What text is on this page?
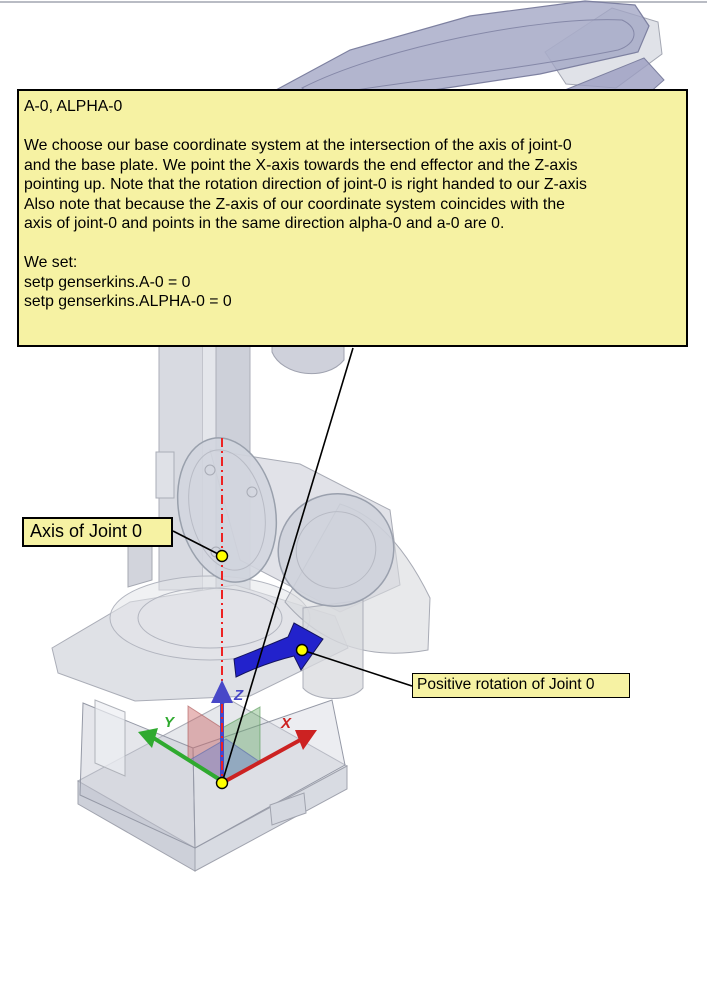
X
Y
Z
A-0, ALPHA-0
We choose our base coordinate system at the intersection of the axis of joint-0
and the base plate. We point the X-axis towards the end effector and the Z-axis
pointing up. Note that the rotation direction of joint-0 is right handed to our Z-axis
Also note that because the Z-axis of our coordinate system coincides with the
axis of joint-0 and points in the same direction alpha-0 and a-0 are 0.
We set:
setp genserkins.A-0 = 0
setp genserkins.ALPHA-0 = 0
Axis of Joint 0
Positive rotation of Joint 0
